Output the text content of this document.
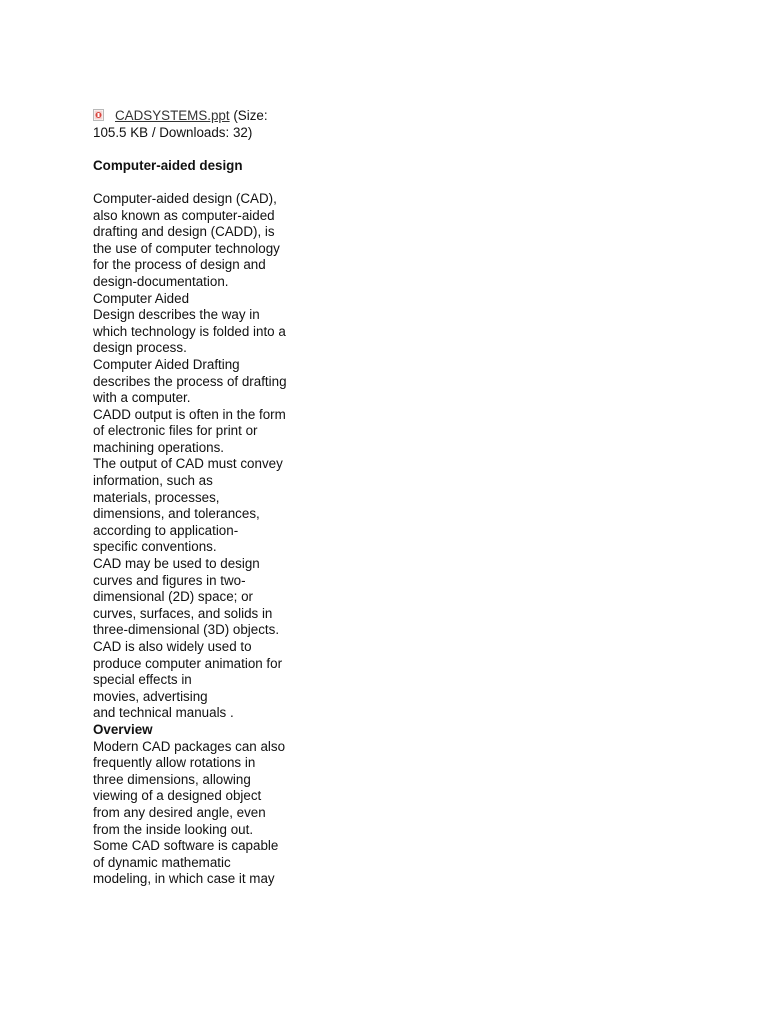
CADSYSTEMS.ppt (Size:
105.5 KB / Downloads: 32)
Computer-aided design
Computer-aided design (CAD),
also known as computer-aided
drafting and design (CADD), is
the use of computer technology
for the process of design and
design-documentation.
Computer Aided
Design describes the way in
which technology is folded into a
design process.
Computer Aided Drafting
describes the process of drafting
with a computer.
CADD output is often in the form
of electronic files for print or
machining operations.
The output of CAD must convey
information, such as
materials, processes,
dimensions, and tolerances,
according to application-
specific conventions.
CAD may be used to design
curves and figures in two-
dimensional (2D) space; or
curves, surfaces, and solids in
three-dimensional (3D) objects.
CAD is also widely used to
produce computer animation for
special effects in
movies, advertising
and technical manuals .
Overview
Modern CAD packages can also
frequently allow rotations in
three dimensions, allowing
viewing of a designed object
from any desired angle, even
from the inside looking out.
Some CAD software is capable
of dynamic mathematic
modeling, in which case it may
